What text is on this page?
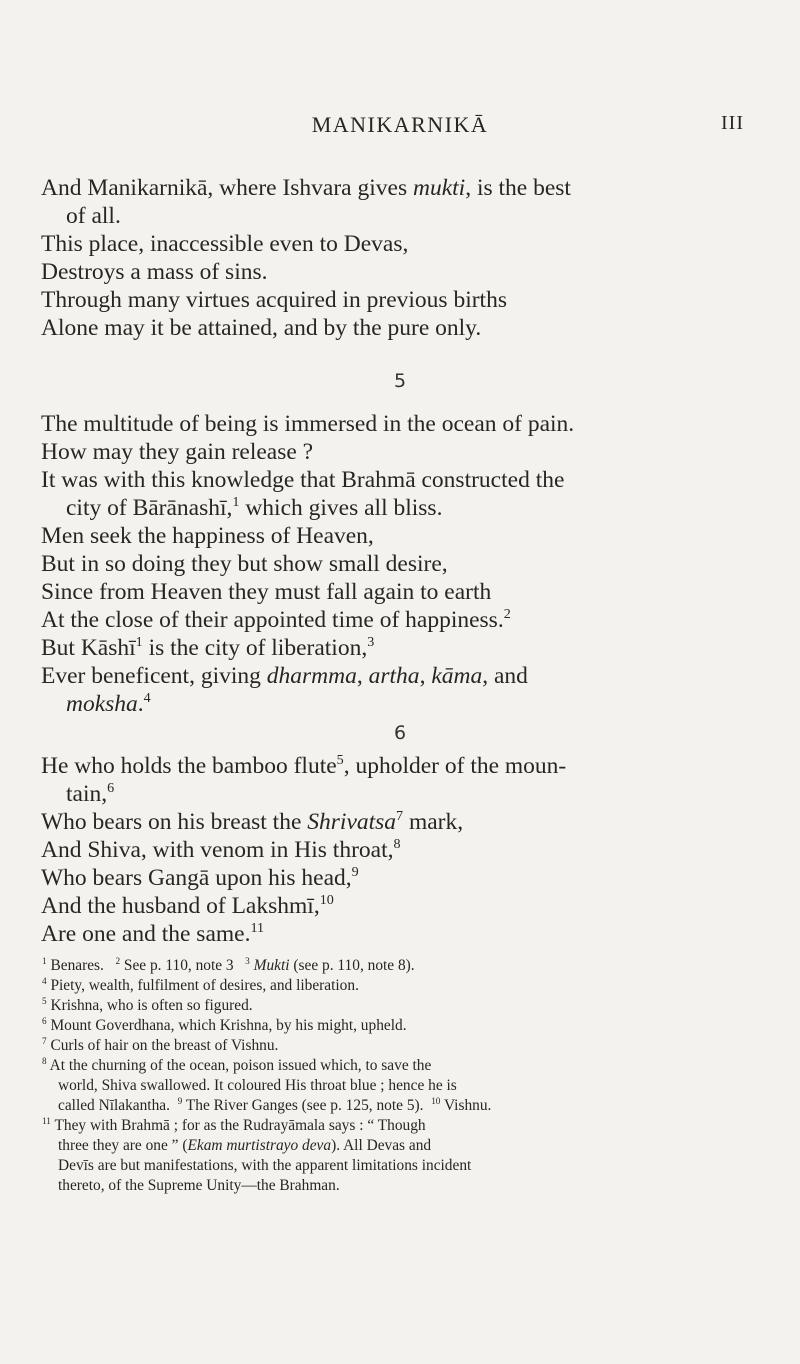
MANIKARNIKĀ	III
And Manikarnikā, where Ishvara gives mukti, is the best
of all.
This place, inaccessible even to Devas,
Destroys a mass of sins.
Through many virtues acquired in previous births
Alone may it be attained, and by the pure only.
5
The multitude of being is immersed in the ocean of pain.
How may they gain release ?
It was with this knowledge that Brahmā constructed the
city of Bārānashī,$^1$ which gives all bliss.
Men seek the happiness of Heaven,
But in so doing they but show small desire,
Since from Heaven they must fall again to earth
At the close of their appointed time of happiness.$^2$
But Kāshī$^1$ is the city of liberation,$^3$
Ever beneficent, giving dharmma, artha, kāma, and
moksha.$^4$
6
He who holds the bamboo flute$^5$, upholder of the moun-
tain,$^6$
Who bears on his breast the Shrivatsa$^7$ mark,
And Shiva, with venom in His throat,$^8$
Who bears Gangā upon his head,$^9$
And the husband of Lakshmī,$^{10}$
Are one and the same.$^{11}$
$^1$ Benares.   $^2$ See p. 110, note 3   $^3$ Mukti (see p. 110, note 8).
$^4$ Piety, wealth, fulfilment of desires, and liberation.
$^5$ Krishna, who is often so figured.
$^6$ Mount Goverdhana, which Krishna, by his might, upheld.
$^7$ Curls of hair on the breast of Vishnu.
$^8$ At the churning of the ocean, poison issued which, to save the
world, Shiva swallowed. It coloured His throat blue ; hence he is
called Nīlakantha.  $^9$ The River Ganges (see p. 125, note 5).  $^{10}$ Vishnu.
$^{11}$ They with Brahmā ; for as the Rudrayāmala says : “ Though
three they are one ” (Ekam murtistrayo deva). All Devas and
Devīs are but manifestations, with the apparent limitations incident
thereto, of the Supreme Unity—the Brahman.
